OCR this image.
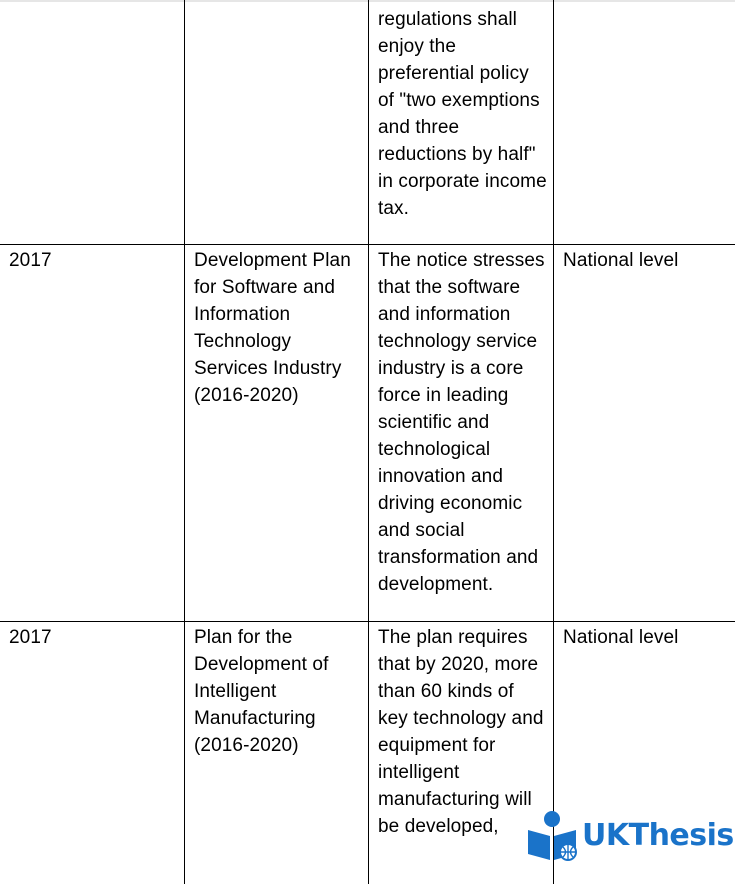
		regulations shall enjoy the preferential policy of "two exemptions and three reductions by half" in corporate income tax.	
2017	Development Plan for Software and Information Technology Services Industry (2016-2020)	The notice stresses that the software and information technology service industry is a core force in leading scientific and technological innovation and driving economic and social transformation and development.	National level
2017	Plan for the Development of Intelligent Manufacturing (2016-2020)	The plan requires that by 2020, more than 60 kinds of key technology and equipment for intelligent manufacturing will be developed,	National level
UKThesis
